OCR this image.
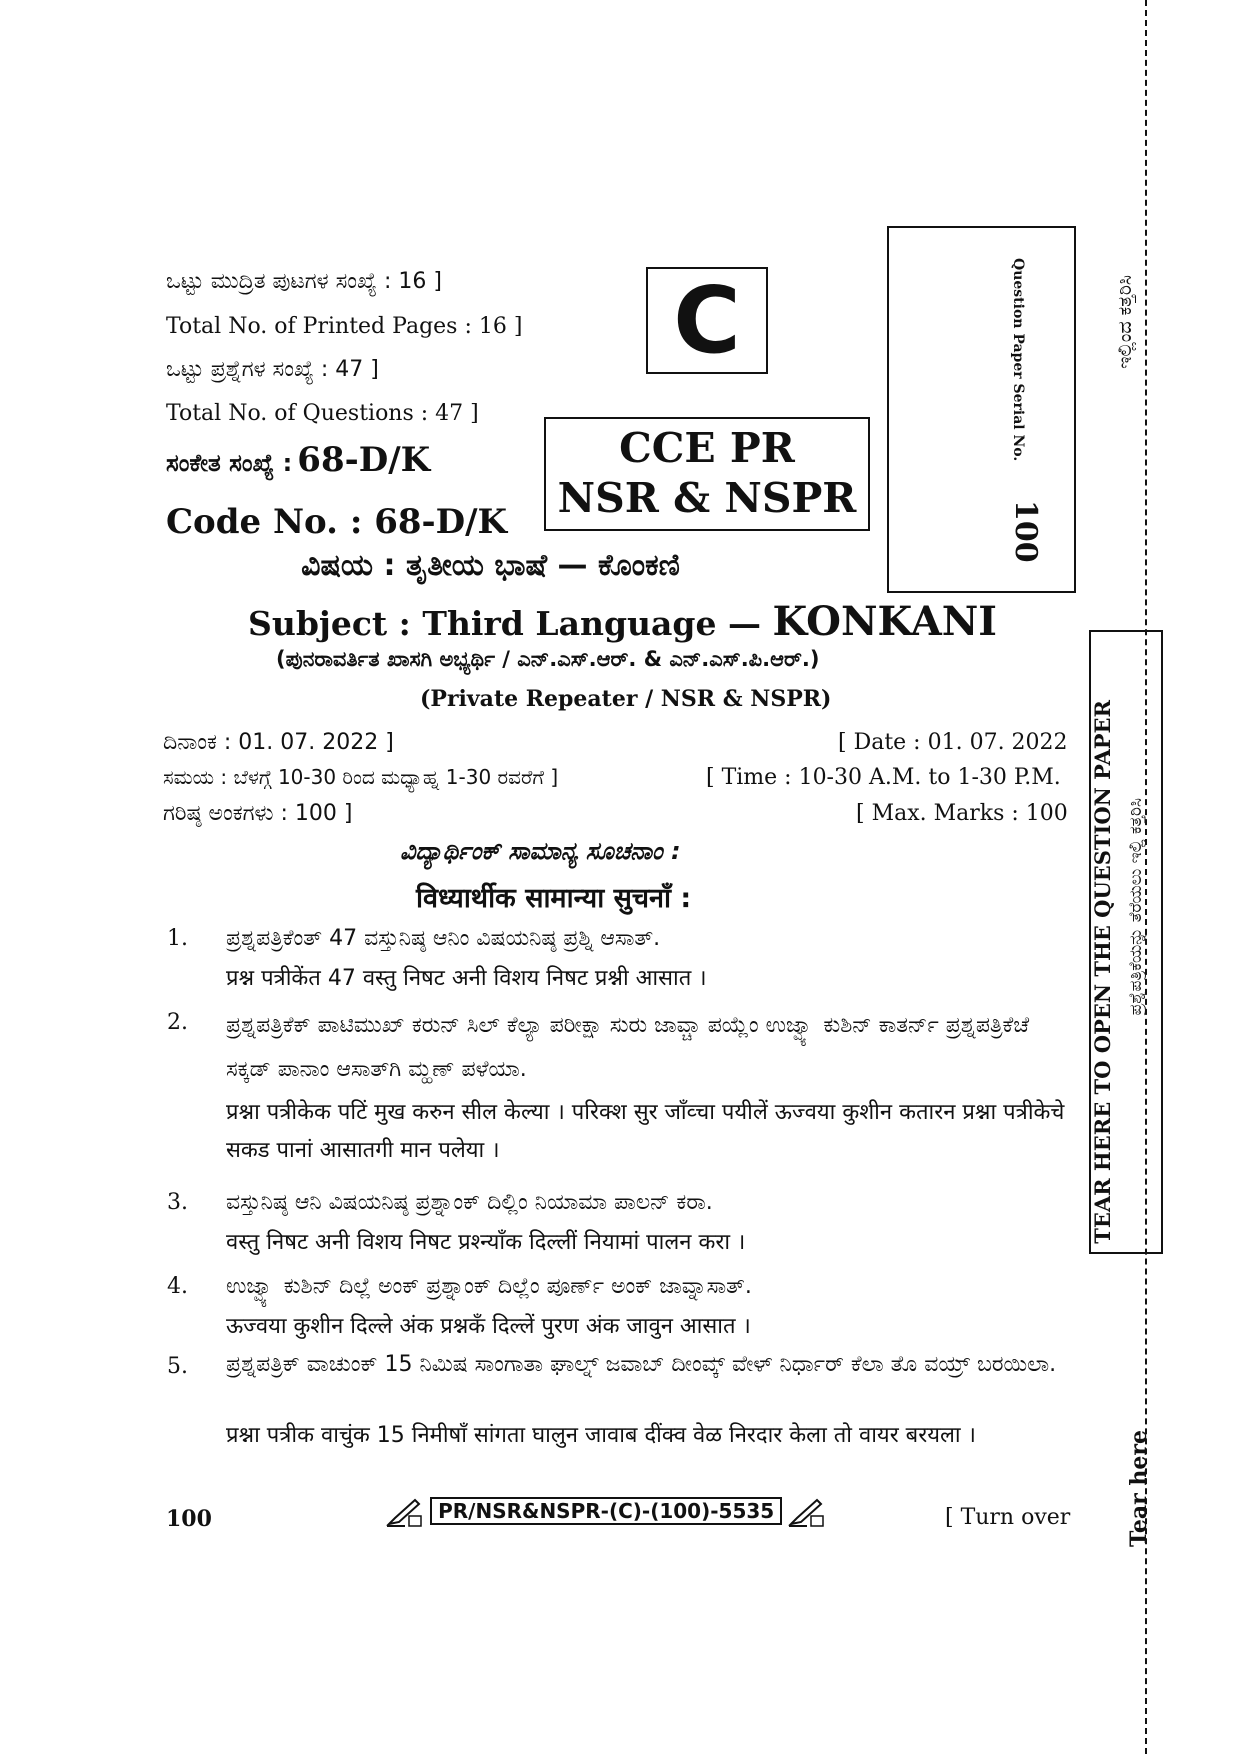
ಇಲ್ಲಿಂದ ಕತ್ತರಿಸಿ
TEAR HERE TO OPEN THE QUESTION PAPER ಪ್ರಶ್ನೆಪತ್ರಿಕೆಯನ್ನು ತೆರೆಯಲು ಇಲ್ಲಿ ಕತ್ತರಿಸಿ
Tear here
ಒಟ್ಟು ಮುದ್ರಿತ ಪುಟಗಳ ಸಂಖ್ಯೆ : 16 ]
Total No. of Printed Pages : 16 ]
ಒಟ್ಟು ಪ್ರಶ್ನೆಗಳ ಸಂಖ್ಯೆ : 47 ]
Total No. of Questions : 47 ]
ಸಂಕೇತ ಸಂಖ್ಯೆ : 68-D/K
Code No. : 68-D/K
C
CCE PR
NSR & NSPR
Question Paper Serial No.
100
ವಿಷಯ : ತೃತೀಯ ಭಾಷೆ — ಕೊಂಕಣಿ
Subject : Third Language — KONKANI
(ಪುನರಾವರ್ತಿತ ಖಾಸಗಿ ಅಭ್ಯರ್ಥಿ / ಎನ್.ಎಸ್.ಆರ್. & ಎನ್.ಎಸ್.ಪಿ.ಆರ್.)
(Private Repeater / NSR & NSPR)
ದಿನಾಂಕ : 01. 07. 2022 ]	[ Date : 01. 07. 2022
ಸಮಯ : ಬೆಳಗ್ಗೆ 10-30 ರಿಂದ ಮಧ್ಯಾಹ್ನ 1-30 ರವರೆಗೆ ]	[ Time : 10-30 A.M. to 1-30 P.M.
ಗರಿಷ್ಠ ಅಂಕಗಳು : 100 ]	[ Max. Marks : 100
ವಿದ್ಯಾರ್ಥಿಂಕ್ ಸಾಮಾನ್ಯ ಸೂಚನಾಂ :
विध्यार्थीक सामान्या सुचनाँ :
1. ಪ್ರಶ್ನಪತ್ರಿಕೆಂತ್ 47 ವಸ್ತುನಿಷ್ಠ ಆನಿಂ ವಿಷಯನಿಷ್ಠ ಪ್ರಶ್ನಿ ಆಸಾತ್.
प्रश्न पत्रीकेंत 47 वस्तु निषट अनी विशय निषट प्रश्नी आसात ।
2. ಪ್ರಶ್ನಪತ್ರಿಕೆಕ್ ಪಾಟಿಮುಖ್ ಕರುನ್ ಸಿಲ್ ಕೆಲ್ಯಾ ಪರೀಕ್ಷಾ ಸುರು ಜಾವ್ಚಾ ಪಯ್ಲೆಂ ಉಜ್ವ್ಯಾ ಕುಶಿನ್ ಕಾತರ್ನ್ ಪ್ರಶ್ನಪತ್ರಿಕೆಚೆ ಸಕ್ಕಡ್ ಪಾನಾಂ ಆಸಾತ್‌ಗಿ ಮ್ಹಣ್ ಪಳೆಯಾ.
प्रश्ना पत्रीकेक पटिं मुख करुन सील केल्या । परिक्श सुर जाँव्चा पयीलें ऊज्वया कुशीन कतारन प्रश्ना पत्रीकेचे सकड पानां आसातगी मान पलेया ।
3. ವಸ್ತುನಿಷ್ಠ ಆನಿ ವಿಷಯನಿಷ್ಠ ಪ್ರಶ್ನಾಂಕ್ ದಿಲ್ಲಿಂ ನಿಯಾಮಾ ಪಾಲನ್ ಕರಾ.
वस्तु निषट अनी विशय निषट प्रश्न्याँक दिल्लीं नियामां पालन करा ।
4. ಉಜ್ವ್ಯಾ ಕುಶಿನ್ ದಿಲ್ಲೆ ಅಂಕ್ ಪ್ರಶ್ನಾಂಕ್ ದಿಲ್ಲೆಂ ಪೂರ್ಣ್ ಅಂಕ್ ಜಾವ್ನಾಸಾತ್.
ऊज्वया कुशीन दिल्ले अंक प्रश्नकँ दिल्लें पुरण अंक जावुन आसात ।
5. ಪ್ರಶ್ನಪತ್ರಿಕ್ ವಾಚುಂಕ್ 15 ನಿಮಿಷ ಸಾಂಗಾತಾ ಘಾಲ್ನ್ ಜವಾಬ್ ದೀಂವ್ಕ್ ವೇಳ್ ನಿರ್ಧಾರ್ ಕೆಲಾ ತೊ ವಯ್ರ್ ಬರಯಿಲಾ.
प्रश्ना पत्रीक वाचुंक 15 निमीषाँ सांगता घालुन जावाब दींक्व वेळ निरदार केला तो वायर बरयला ।
100	PR/NSR&NSPR-(C)-(100)-5535	[ Turn over
